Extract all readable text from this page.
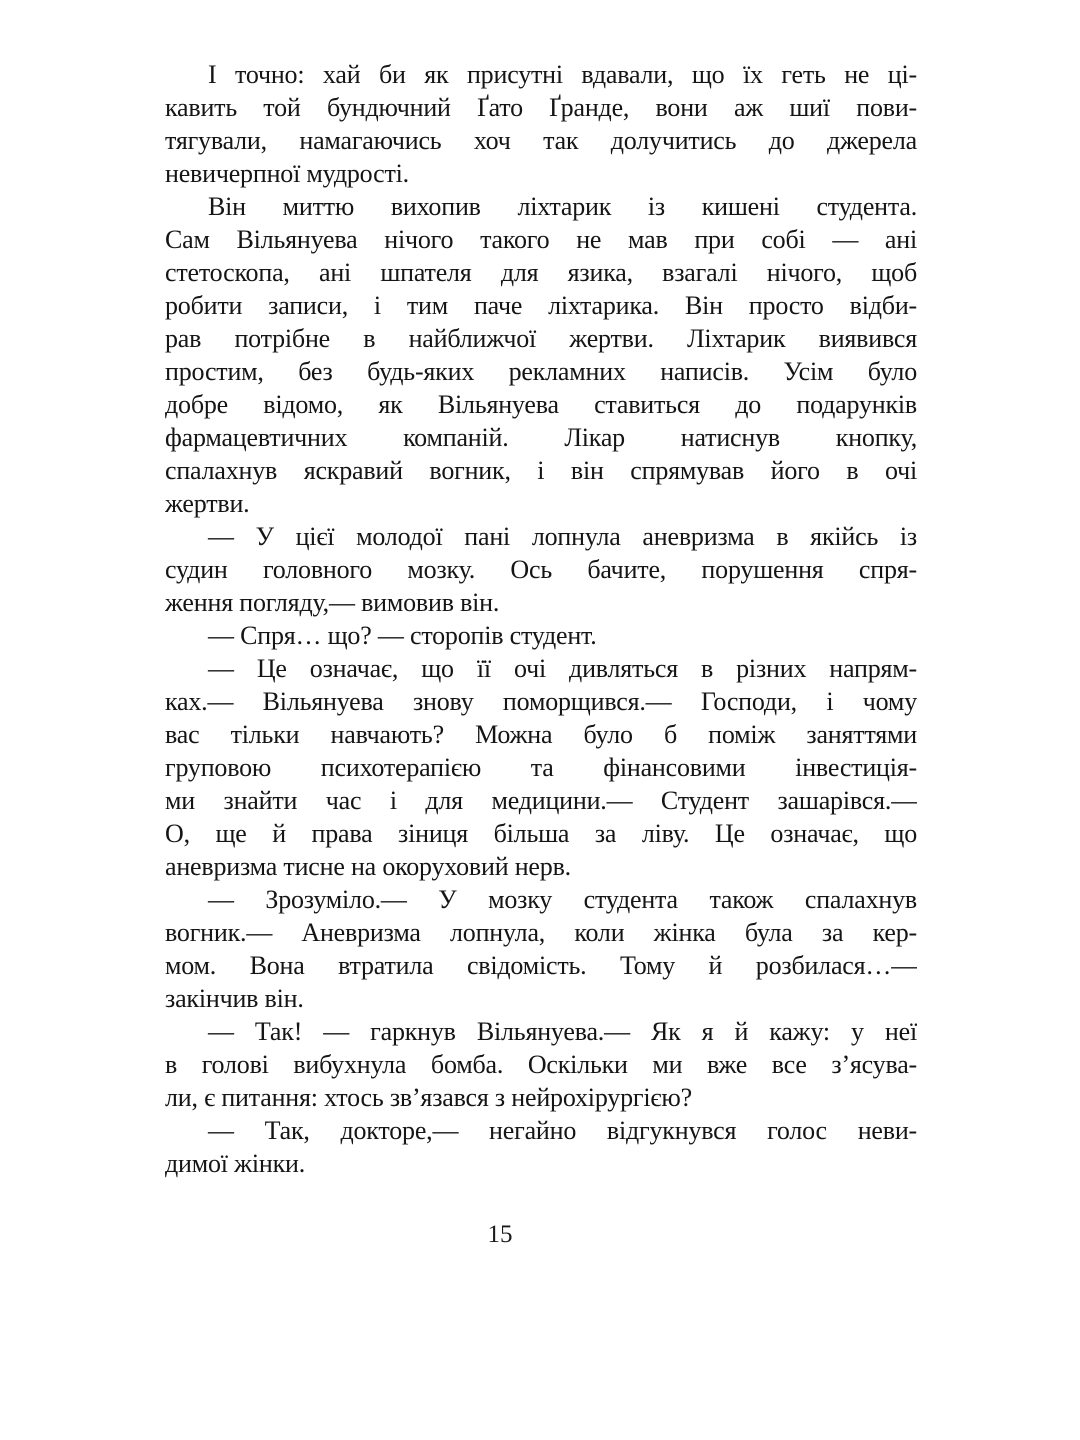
І точно: хай би як присутні вдавали, що їх геть не ці-
кавить той бундючний Ґато Ґранде, вони аж шиї пови-
тягували, намагаючись хоч так долучитись до джерела
невичерпної мудрості.
Він миттю вихопив ліхтарик із кишені студента.
Сам Вільянуева нічого такого не мав при собі — ані
стетоскопа, ані шпателя для язика, взагалі нічого, щоб
робити записи, і тим паче ліхтарика. Він просто відби-
рав потрібне в найближчої жертви. Ліхтарик виявився
простим, без будь-яких рекламних написів. Усім було
добре відомо, як Вільянуева ставиться до подарунків
фармацевтичних компаній. Лікар натиснув кнопку,
спалахнув яскравий вогник, і він спрямував його в очі
жертви.
— У цієї молодої пані лопнула аневризма в якійсь із
судин головного мозку. Ось бачите, порушення спря-
ження погляду,— вимовив він.
— Спря… що? — сторопів студент.
— Це означає, що її очі дивляться в різних напрям-
ках.— Вільянуева знову поморщився.— Господи, і чому
вас тільки навчають? Можна було б поміж заняттями
груповою психотерапією та фінансовими інвестиція-
ми знайти час і для медицини.— Студент зашарівся.—
О, ще й права зіниця більша за ліву. Це означає, що
аневризма тисне на окоруховий нерв.
— Зрозуміло.— У мозку студента також спалахнув
вогник.— Аневризма лопнула, коли жінка була за кер-
мом. Вона втратила свідомість. Тому й розбилася…—
закінчив він.
— Так! — гаркнув Вільянуева.— Як я й кажу: у неї
в голові вибухнула бомба. Оскільки ми вже все з’ясува-
ли, є питання: хтось зв’язався з нейрохірургією?
— Так, докторе,— негайно відгукнувся голос неви-
димої жінки.
15
